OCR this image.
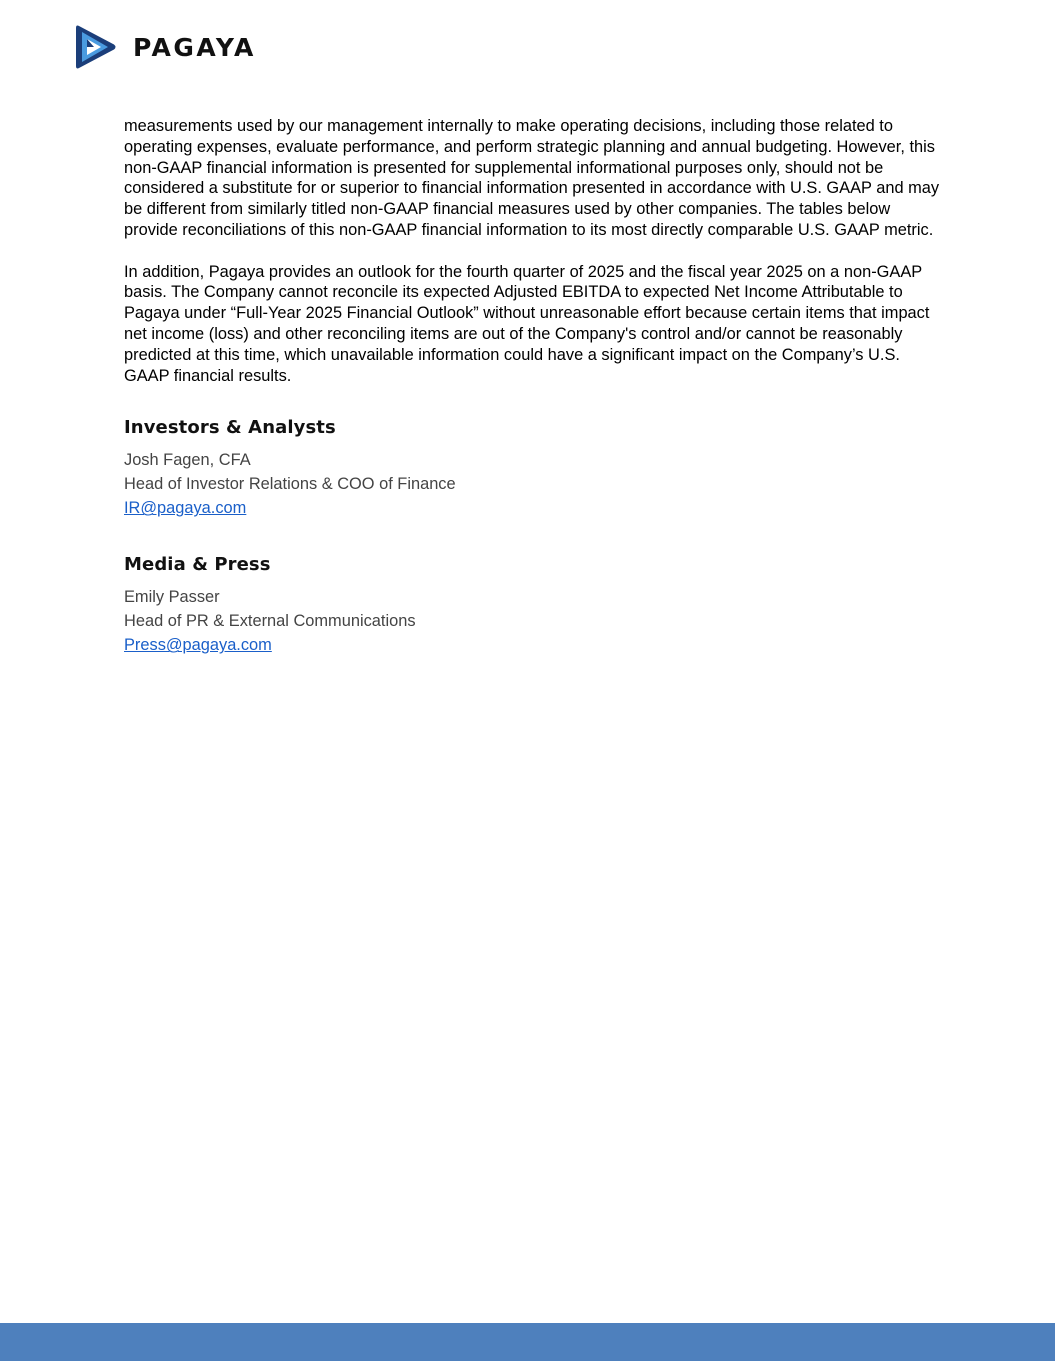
PAGAYA

measurements used by our management internally to make operating decisions, including those related to operating expenses, evaluate performance, and perform strategic planning and annual budgeting. However, this non-GAAP financial information is presented for supplemental informational purposes only, should not be considered a substitute for or superior to financial information presented in accordance with U.S. GAAP and may be different from similarly titled non-GAAP financial measures used by other companies. The tables below provide reconciliations of this non-GAAP financial information to its most directly comparable U.S. GAAP metric.

In addition, Pagaya provides an outlook for the fourth quarter of 2025 and the fiscal year 2025 on a non-GAAP basis. The Company cannot reconcile its expected Adjusted EBITDA to expected Net Income Attributable to Pagaya under “Full-Year 2025 Financial Outlook” without unreasonable effort because certain items that impact net income (loss) and other reconciling items are out of the Company's control and/or cannot be reasonably predicted at this time, which unavailable information could have a significant impact on the Company’s U.S. GAAP financial results.

Investors & Analysts
Josh Fagen, CFA
Head of Investor Relations & COO of Finance
IR@pagaya.com
Media & Press
Emily Passer
Head of PR & External Communications
Press@pagaya.com
